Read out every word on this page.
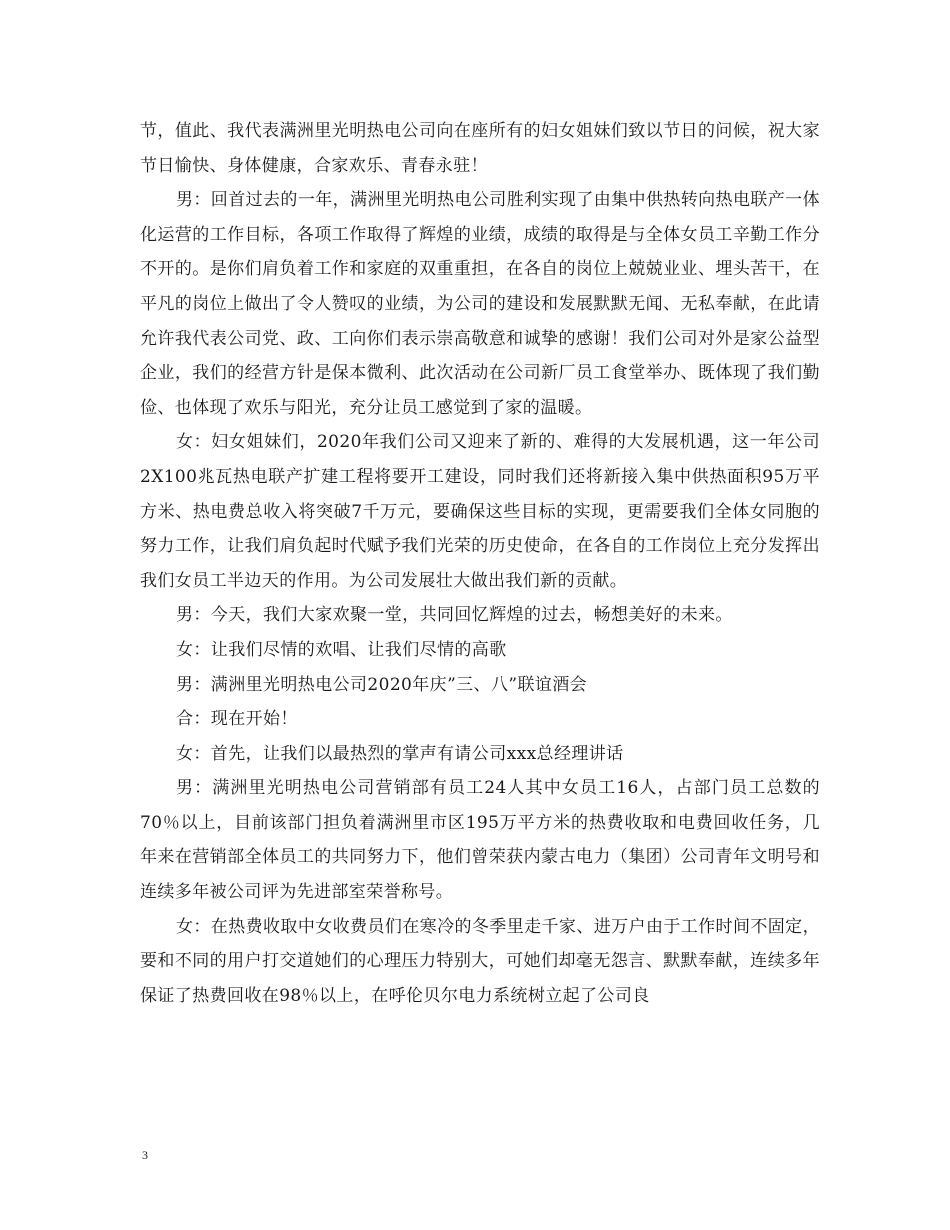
节，值此、我代表满洲里光明热电公司向在座所有的妇女姐妹们致以节日的问候，祝大家节日愉快、身体健康，合家欢乐、青春永驻！

男：回首过去的一年，满洲里光明热电公司胜利实现了由集中供热转向热电联产一体化运营的工作目标，各项工作取得了辉煌的业绩，成绩的取得是与全体女员工辛勤工作分不开的。是你们肩负着工作和家庭的双重重担，在各自的岗位上兢兢业业、埋头苦干，在平凡的岗位上做出了令人赞叹的业绩，为公司的建设和发展默默无闻、无私奉献，在此请允许我代表公司党、政、工向你们表示崇高敬意和诚挚的感谢！我们公司对外是家公益型企业，我们的经营方针是保本微利、此次活动在公司新厂员工食堂举办、既体现了我们勤俭、也体现了欢乐与阳光，充分让员工感觉到了家的温暖。

女：妇女姐妹们，2020年我们公司又迎来了新的、难得的大发展机遇，这一年公司2X100兆瓦热电联产扩建工程将要开工建设，同时我们还将新接入集中供热面积95万平方米、热电费总收入将突破7千万元，要确保这些目标的实现，更需要我们全体女同胞的努力工作，让我们肩负起时代赋予我们光荣的历史使命，在各自的工作岗位上充分发挥出我们女员工半边天的作用。为公司发展壮大做出我们新的贡献。

男：今天，我们大家欢聚一堂，共同回忆辉煌的过去，畅想美好的未来。

女：让我们尽情的欢唱、让我们尽情的高歌

男：满洲里光明热电公司2020年庆”三、八”联谊酒会

合：现在开始！

女：首先，让我们以最热烈的掌声有请公司xxx总经理讲话

男：满洲里光明热电公司营销部有员工24人其中女员工16人，占部门员工总数的70％以上，目前该部门担负着满洲里市区195万平方米的热费收取和电费回收任务，几年来在营销部全体员工的共同努力下，他们曾荣获内蒙古电力（集团）公司青年文明号和连续多年被公司评为先进部室荣誉称号。

女：在热费收取中女收费员们在寒冷的冬季里走千家、进万户由于工作时间不固定，要和不同的用户打交道她们的心理压力特别大，可她们却毫无怨言、默默奉献，连续多年保证了热费回收在98％以上，在呼伦贝尔电力系统树立起了公司良

3
